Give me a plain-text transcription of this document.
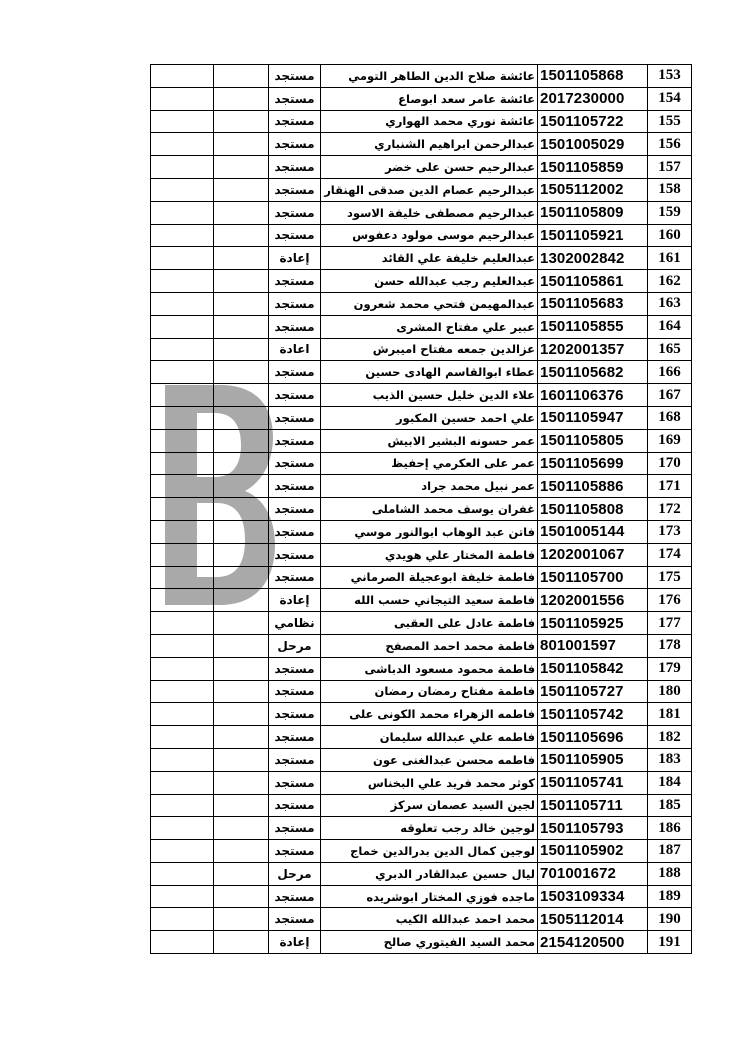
		مستجد	عائشة صلاح الدين الطاهر التومي	1501105868	153
		مستجد	عائشة عامر سعد ابوصاع	2017230000	154
		مستجد	عائشة نوري محمد الهواري	1501105722	155
		مستجد	عبدالرحمن ابراهيم الشنباري	1501005029	156
		مستجد	عبدالرحيم حسن على خضر	1501105859	157
		مستجد	عبدالرحيم عصام الدين صدقى الهنقار	1505112002	158
		مستجد	عبدالرحيم مصطفى خليفة الاسود	1501105809	159
		مستجد	عبدالرحيم موسى مولود دعفوس	1501105921	160
		إعادة	عبدالعليم خليفة علي القائد	1302002842	161
		مستجد	عبدالعليم رجب عبدالله حسن	1501105861	162
		مستجد	عبدالمهيمن فتحي محمد شعرون	1501105683	163
		مستجد	عبير علي مفتاح المشرى	1501105855	164
		اعادة	عزالدين جمعه مفتاح اميبرش	1202001357	165
		مستجد	عطاء ابوالقاسم الهادى حسين	1501105682	166
		مستجد	علاء الدين خليل حسين الذيب	1601106376	167
		مستجد	علي احمد حسين المكبور	1501105947	168
		مستجد	عمر حسونه البشير الابيش	1501105805	169
		مستجد	عمر على العكرمي إحفيظ	1501105699	170
		مستجد	عمر نبيل محمد جراد	1501105886	171
		مستجد	غفران يوسف محمد الشاملى	1501105808	172
		مستجد	فاتن عبد الوهاب ابوالنور موسي	1501005144	173
		مستجد	فاطمة المختار علي هويدي	1202001067	174
		مستجد	فاطمة خليفة ابوعجيلة الصرماني	1501105700	175
		إعادة	فاطمة سعيد التيجاني حسب الله	1202001556	176
		نظامي	فاطمة عادل على العقبى	1501105925	177
		مرحل	فاطمة محمد احمد المصفح	801001597	178
		مستجد	فاطمة محمود مسعود الدباشى	1501105842	179
		مستجد	فاطمة مفتاح رمضان رمضان	1501105727	180
		مستجد	فاطمه الزهراء محمد الكونى على	1501105742	181
		مستجد	فاطمه علي عبدالله سليمان	1501105696	182
		مستجد	فاطمه محسن عبدالغنى عون	1501105905	183
		مستجد	كوثر محمد فريد علي البخناس	1501105741	184
		مستجد	لجين السيد عصمان سركز	1501105711	185
		مستجد	لوجين خالد رجب تعلوقه	1501105793	186
		مستجد	لوجين كمال الدين بدرالدين خماج	1501105902	187
		مرحل	ليال حسين عبدالقادر الدبري	701001672	188
		مستجد	ماجده فوزي المختار ابوشريده	1503109334	189
		مستجد	محمد احمد عبدالله الكيب	1505112014	190
		إعادة	محمد السيد الفيتوري صالح	2154120500	191
